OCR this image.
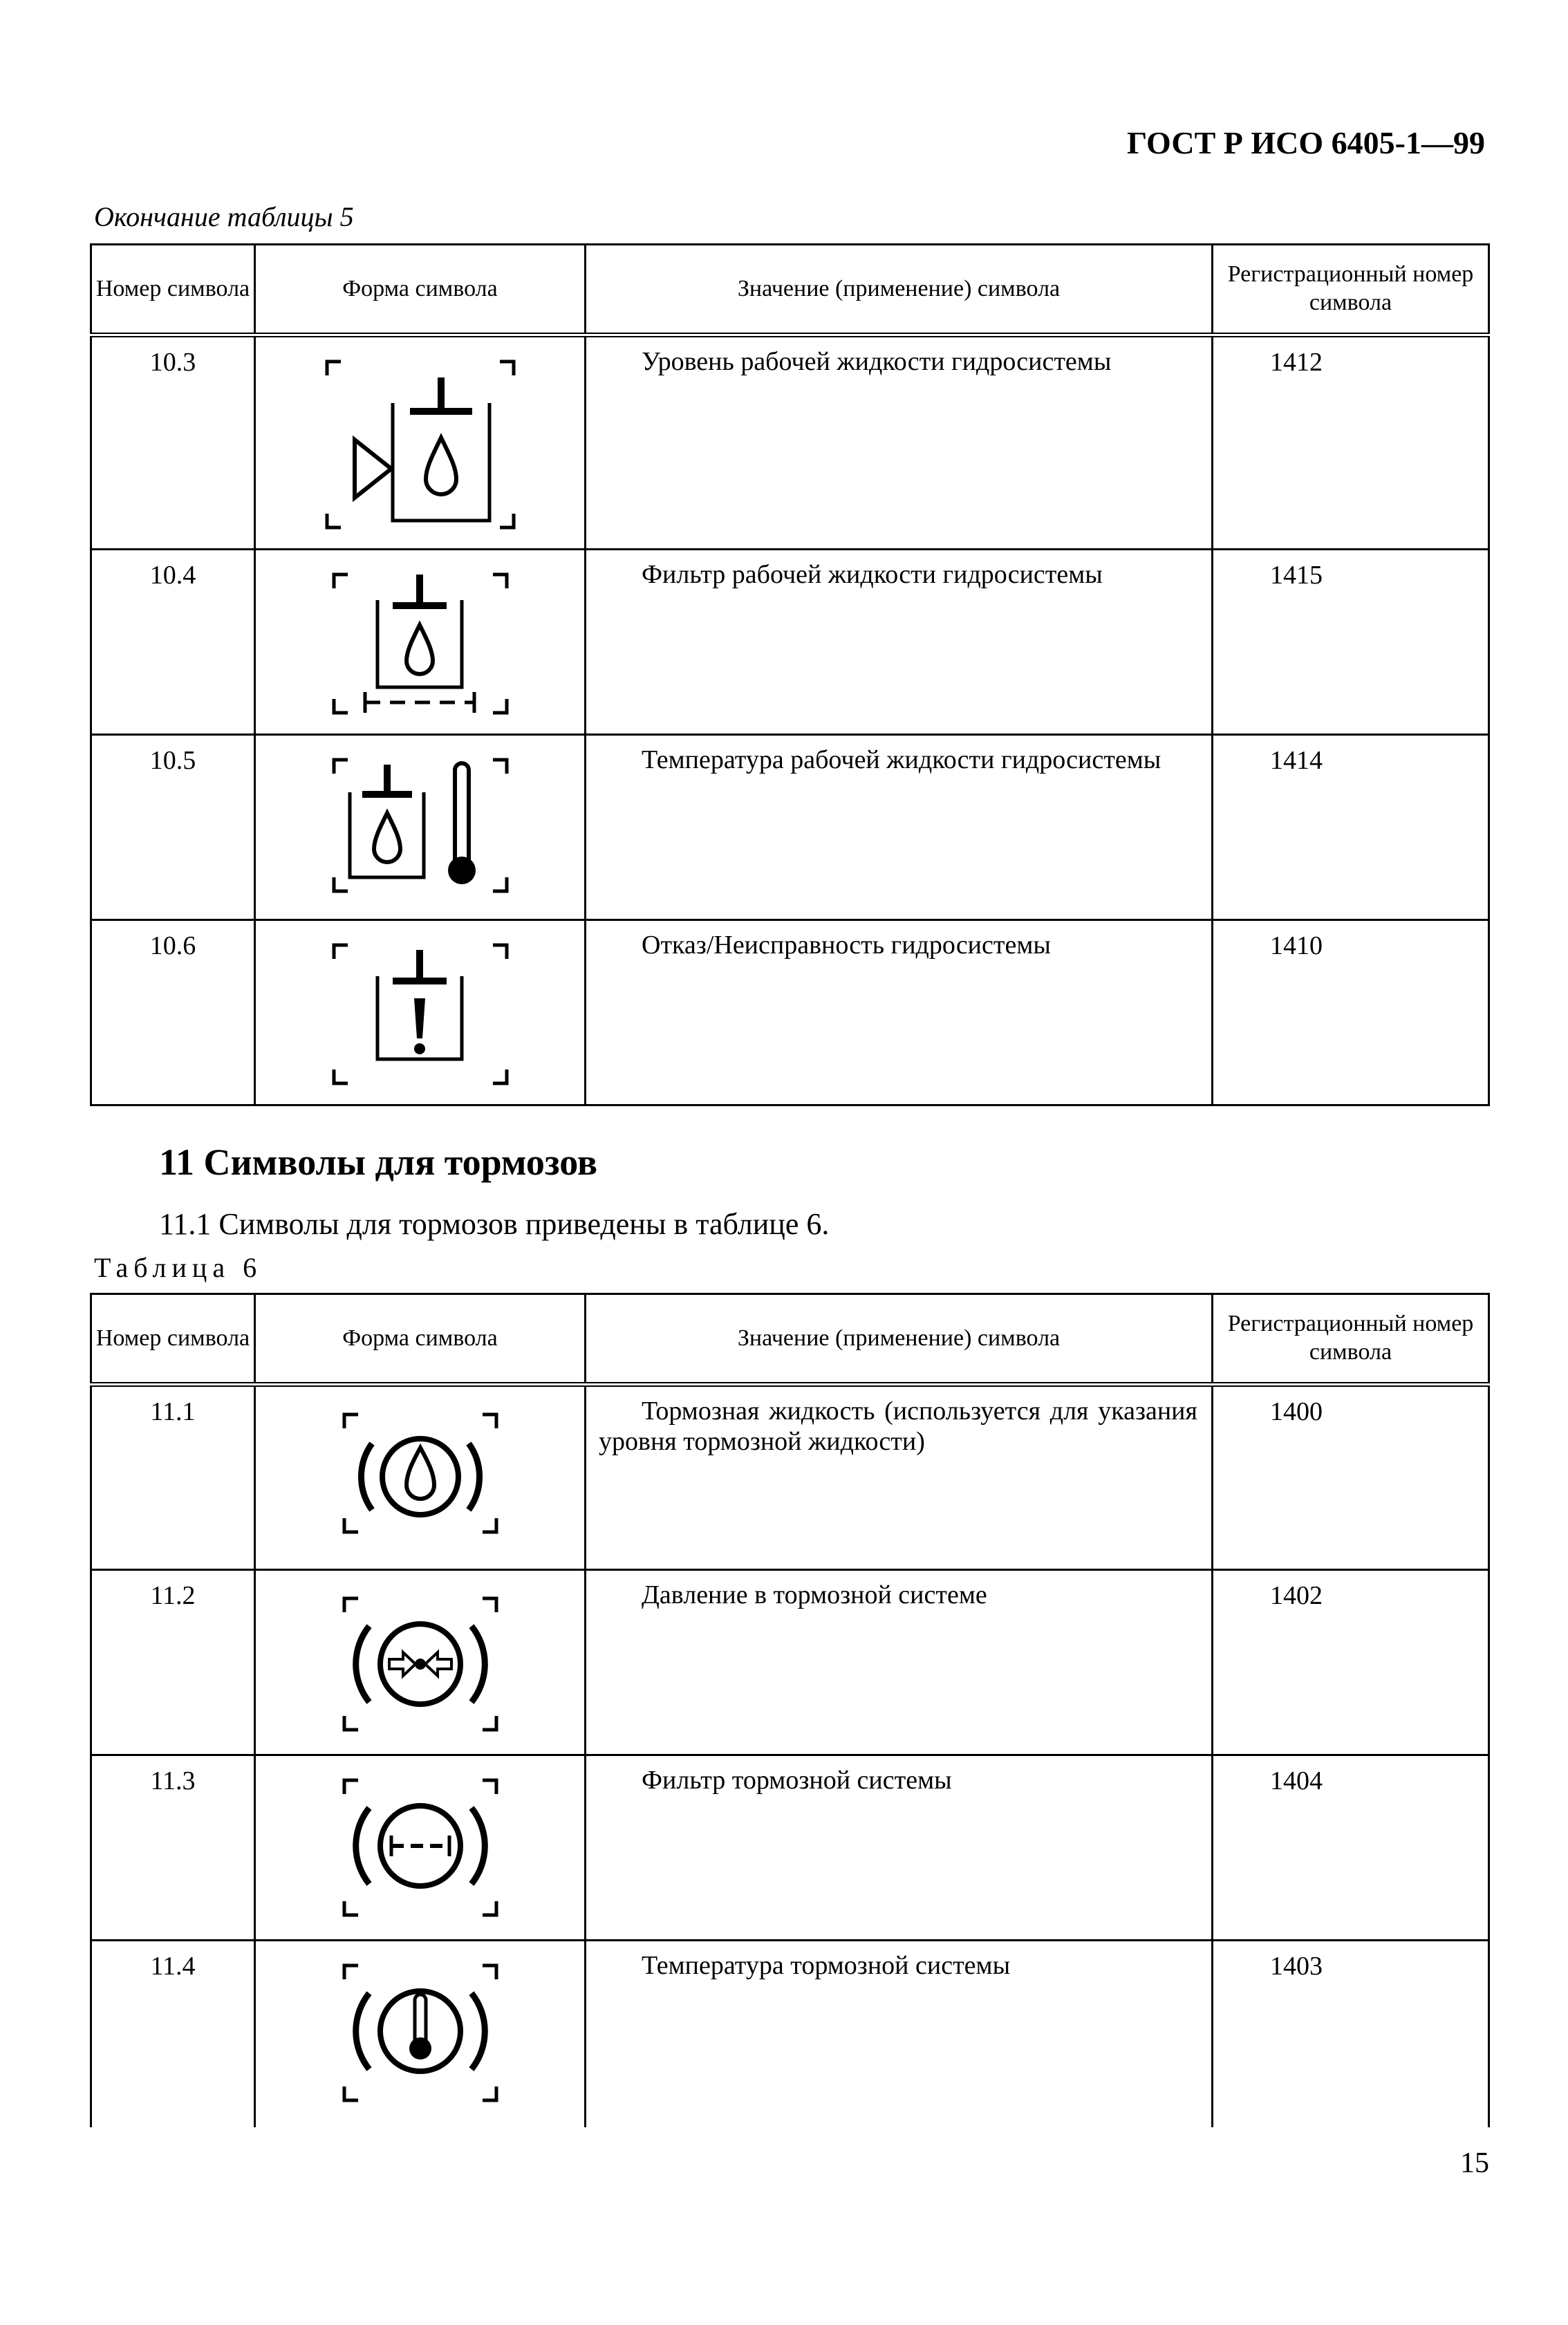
ГОСТ Р ИСО 6405-1—99
Окончание таблицы 5
Номер символа	Форма символа	Значение (применение) символа	Регистрационный номер символа
10.3		Уровень рабочей жидкости гидросистемы	1412
10.4		Фильтр рабочей жидкости гидросистемы	1415
10.5		Температура рабочей жидкости гидросистемы	1414
10.6		Отказ/Неисправность гидросистемы	1410
11 Символы для тормозов
11.1 Символы для тормозов приведены в таблице 6.
Таблица 6
Номер символа	Форма символа	Значение (применение) символа	Регистрационный номер символа
11.1		Тормозная жидкость (используется для указания уровня тормозной жидкости)	1400
11.2		Давление в тормозной системе	1402
11.3		Фильтр тормозной системы	1404
11.4		Температура тормозной системы	1403
15
